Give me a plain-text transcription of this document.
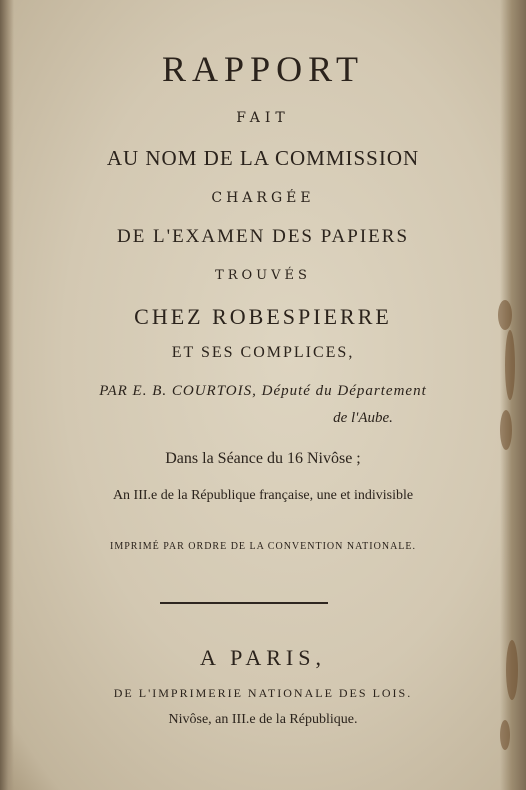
RAPPORT
FAIT
AU NOM DE LA COMMISSION
CHARGÉE
DE L'EXAMEN DES PAPIERS
TROUVÉS
CHEZ ROBESPIERRE
ET SES COMPLICES,
PAR E. B. COURTOIS, Député du Département
de l'Aube.
Dans la Séance du 16 Nivôse ;
An III.e de la République française, une et indivisible
IMPRIMÉ PAR ORDRE DE LA CONVENTION NATIONALE.
A PARIS,
DE L'IMPRIMERIE NATIONALE DES LOIS.
Nivôse, an III.e de la République.
